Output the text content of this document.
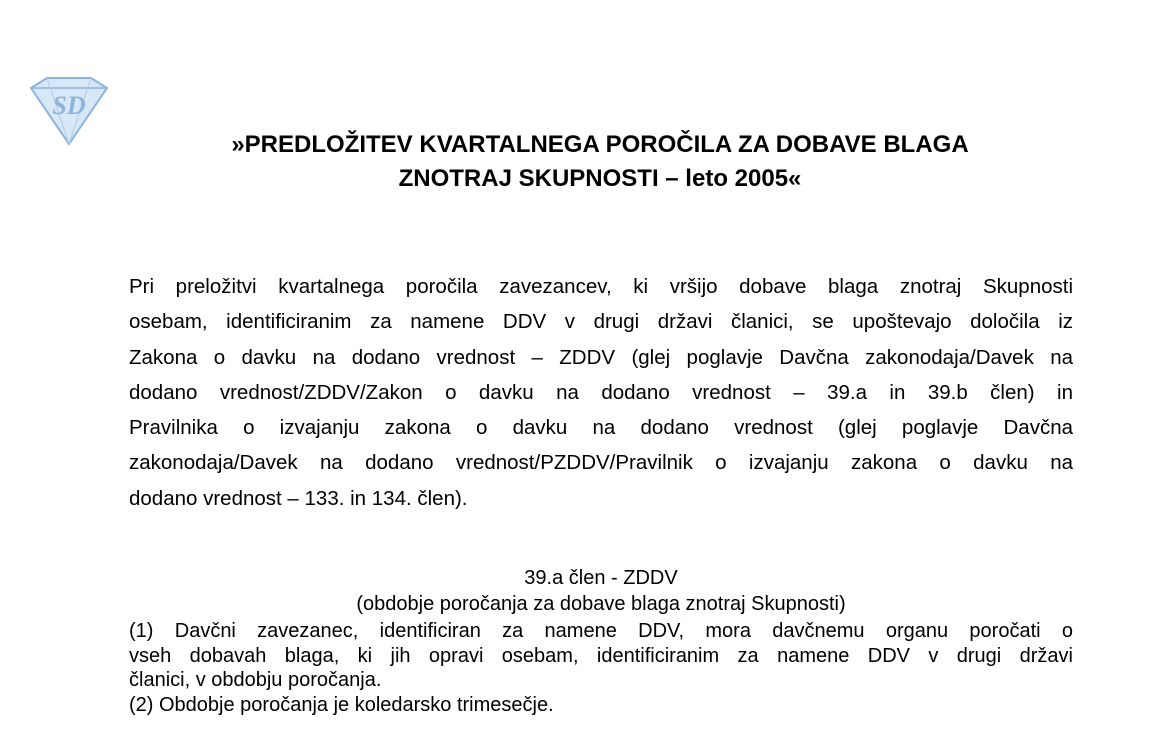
SD
»PREDLOŽITEV KVARTALNEGA POROČILA ZA DOBAVE BLAGA
ZNOTRAJ SKUPNOSTI – leto 2005«
Pri preložitvi kvartalnega poročila zavezancev, ki vršijo dobave blaga znotraj Skupnosti
osebam, identificiranim za namene DDV v drugi državi članici, se upoštevajo določila iz
Zakona o davku na dodano vrednost – ZDDV (glej poglavje Davčna zakonodaja/Davek na
dodano vrednost/ZDDV/Zakon o davku na dodano vrednost – 39.a in 39.b člen) in
Pravilnika o izvajanju zakona o davku na dodano vrednost (glej poglavje Davčna
zakonodaja/Davek na dodano vrednost/PZDDV/Pravilnik o izvajanju zakona o davku na
dodano vrednost – 133. in 134. člen).
39.a člen - ZDDV
(obdobje poročanja za dobave blaga znotraj Skupnosti)
(1) Davčni zavezanec, identificiran za namene DDV, mora davčnemu organu poročati o
vseh dobavah blaga, ki jih opravi osebam, identificiranim za namene DDV v drugi državi
članici, v obdobju poročanja.
(2) Obdobje poročanja je koledarsko trimesečje.
